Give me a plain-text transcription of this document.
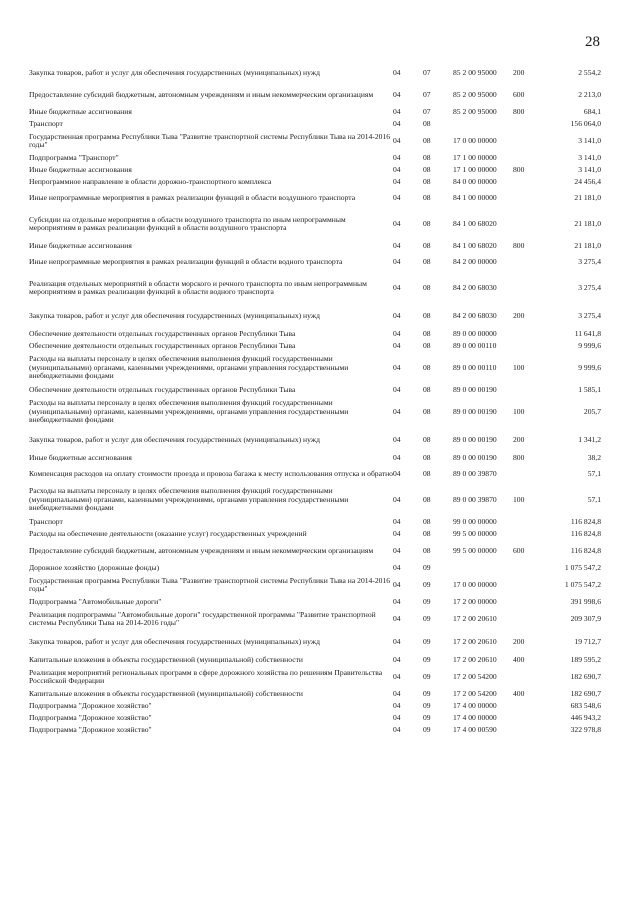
28
Закупка товаров, работ и услуг для обеспечения государственных (муниципальных) нужд	04	07	85 2 00 95000	200	2 554,2
Предоставление субсидий бюджетным, автономным учреждениям и иным некоммерческим организациям	04	07	85 2 00 95000	600	2 213,0
Иные бюджетные ассигнования	04	07	85 2 00 95000	800	684,1
Транспорт	04	08			156 064,0
Государственная программа Республики Тыва "Развитие транспортной системы Республики Тыва на 2014-2016 годы"	04	08	17 0 00 00000		3 141,0
Подпрограмма "Транспорт"	04	08	17 1 00 00000		3 141,0
Иные бюджетные ассигнования	04	08	17 1 00 00000	800	3 141,0
Непрограммное направление в области дорожно-транспортного комплекса	04	08	84 0 00 00000		24 456,4
Иные непрограммные мероприятия в рамках реализации функций в области воздушного транспорта	04	08	84 1 00 00000		21 181,0
Субсидии на отдельные мероприятия в области воздушного транспорта по иным непрограммным мероприятиям в рамках реализации функций в области воздушного транспорта	04	08	84 1 00 68020		21 181,0
Иные бюджетные ассигнования	04	08	84 1 00 68020	800	21 181,0
Иные непрограммные мероприятия в рамках реализации функций в области водного транспорта	04	08	84 2 00 00000		3 275,4
Реализация отдельных мероприятий в области морского и речного транспорта по иным непрограммным мероприятиям в рамках реализации функций в области водного транспорта	04	08	84 2 00 68030		3 275,4
Закупка товаров, работ и услуг для обеспечения государственных (муниципальных) нужд	04	08	84 2 00 68030	200	3 275,4
Обеспечение деятельности отдельных государственных органов Республики Тыва	04	08	89 0 00 00000		11 641,8
Обеспечение деятельности отдельных государственных органов Республики Тыва	04	08	89 0 00 00110		9 999,6
Расходы на выплаты персоналу в целях обеспечения выполнения функций государственными (муниципальными) органами, казенными учреждениями, органами управления государственными внебюджетными фондами	04	08	89 0 00 00110	100	9 999,6
Обеспечение деятельности отдельных государственных органов Республики Тыва	04	08	89 0 00 00190		1 585,1
Расходы на выплаты персоналу в целях обеспечения выполнения функций государственными (муниципальными) органами, казенными учреждениями, органами управления государственными внебюджетными фондами	04	08	89 0 00 00190	100	205,7
Закупка товаров, работ и услуг для обеспечения государственных (муниципальных) нужд	04	08	89 0 00 00190	200	1 341,2
Иные бюджетные ассигнования	04	08	89 0 00 00190	800	38,2
Компенсация расходов на оплату стоимости проезда и провоза багажа к месту использования отпуска и обратно	04	08	89 0 00 39870		57,1
Расходы на выплаты персоналу в целях обеспечения выполнения функций государственными (муниципальными) органами, казенными учреждениями, органами управления государственными внебюджетными фондами	04	08	89 0 00 39870	100	57,1
Транспорт	04	08	99 0 00 00000		116 824,8
Расходы на обеспечение деятельности (оказание услуг) государственных учреждений	04	08	99 5 00 00000		116 824,8
Предоставление субсидий бюджетным, автономным учреждениям и иным некоммерческим организациям	04	08	99 5 00 00000	600	116 824,8
Дорожное хозяйство (дорожные фонды)	04	09			1 075 547,2
Государственная программа Республики Тыва "Развитие транспортной системы Республики Тыва на 2014-2016 годы"	04	09	17 0 00 00000		1 075 547,2
Подпрограмма "Автомобильные дороги"	04	09	17 2 00 00000		391 998,6
Реализация подпрограммы "Автомобильные дороги" государственной программы "Развитие транспортной системы Республики Тыва на 2014-2016 годы"	04	09	17 2 00 20610		209 307,9
Закупка товаров, работ и услуг для обеспечения государственных (муниципальных) нужд	04	09	17 2 00 20610	200	19 712,7
Капитальные вложения в объекты государственной (муниципальной) собственности	04	09	17 2 00 20610	400	189 595,2
Реализация мероприятий региональных программ в сфере дорожного хозяйства по решениям Правительства Российской Федерации	04	09	17 2 00 54200		182 690,7
Капитальные вложения в объекты государственной (муниципальной) собственности	04	09	17 2 00 54200	400	182 690,7
Подпрограмма "Дорожное хозяйство"	04	09	17 4 00 00000		683 548,6
Подпрограмма "Дорожное хозяйство"	04	09	17 4 00 00000		446 943,2
Подпрограмма "Дорожное хозяйство"	04	09	17 4 00 00590		322 978,8
